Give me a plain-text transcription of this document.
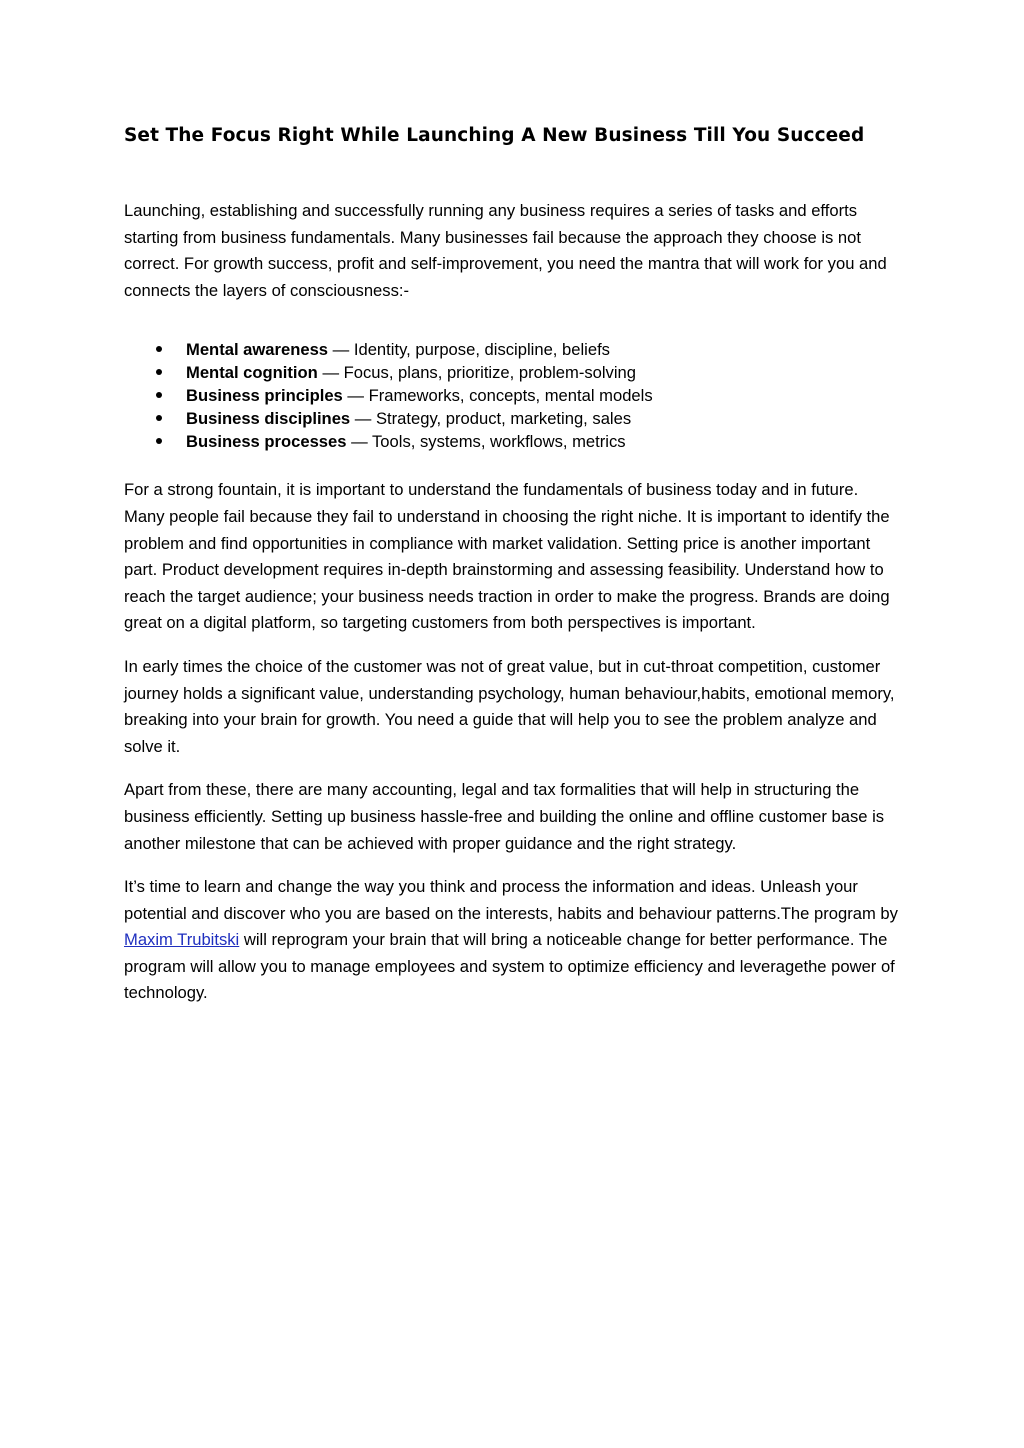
Set The Focus Right While Launching A New Business Till You Succeed

Launching, establishing and successfully running any business requires a series of tasks and efforts starting from business fundamentals. Many businesses fail because the approach they choose is not correct. For growth success, profit and self-improvement, you need the mantra that will work for you and connects the layers of consciousness:-

Mental awareness — Identity, purpose, discipline, beliefs
Mental cognition — Focus, plans, prioritize, problem-solving
Business principles — Frameworks, concepts, mental models
Business disciplines — Strategy, product, marketing, sales
Business processes — Tools, systems, workflows, metrics

For a strong fountain, it is important to understand the fundamentals of business today and in future. Many people fail because they fail to understand in choosing the right niche. It is important to identify the problem and find opportunities in compliance with market validation. Setting price is another important part. Product development requires in-depth brainstorming and assessing feasibility. Understand how to reach the target audience; your business needs traction in order to make the progress. Brands are doing great on a digital platform, so targeting customers from both perspectives is important.

In early times the choice of the customer was not of great value, but in cut-throat competition, customer journey holds a significant value, understanding psychology, human behaviour,habits, emotional memory, breaking into your brain for growth. You need a guide that will help you to see the problem analyze and solve it.

Apart from these, there are many accounting, legal and tax formalities that will help in structuring the business efficiently. Setting up business hassle-free and building the online and offline customer base is another milestone that can be achieved with proper guidance and the right strategy.

It’s time to learn and change the way you think and process the information and ideas. Unleash your potential and discover who you are based on the interests, habits and behaviour patterns.The program by Maxim Trubitski will reprogram your brain that will bring a noticeable change for better performance. The program will allow you to manage employees and system to optimize efficiency and leveragethe power of technology.
